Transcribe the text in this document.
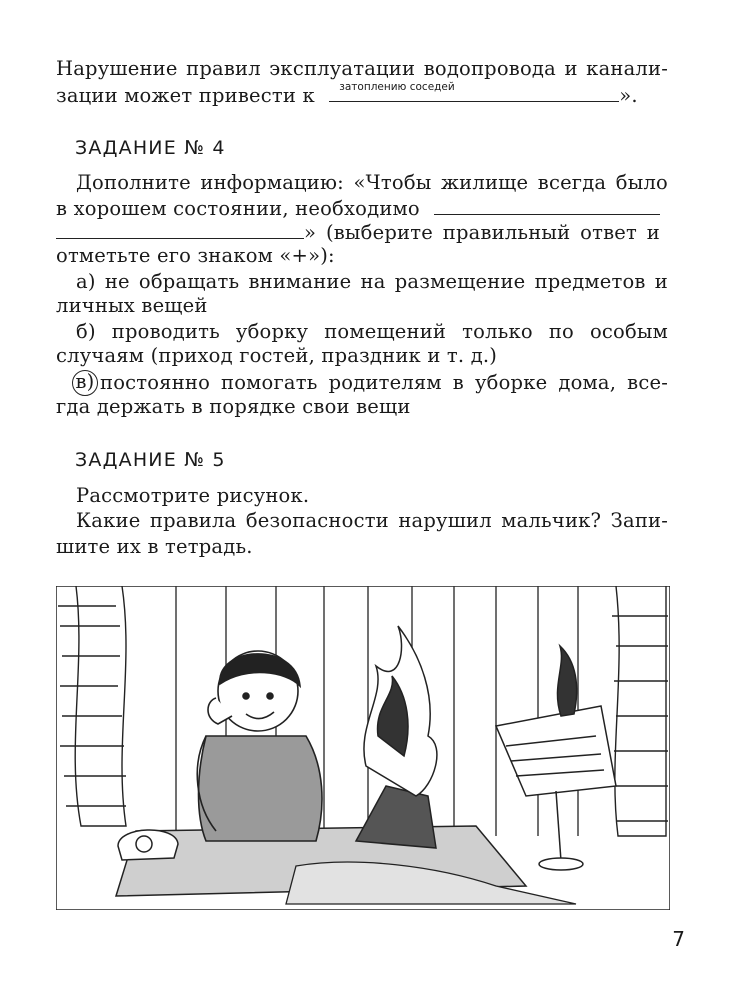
Нарушение правил эксплуатации водопровода и канали-
зации может привести к затоплению соседей	».
ЗАДАНИЕ № 4
Дополните информацию: «Чтобы жилище всегда было
в хорошем состоянии, необходимо
» (выберите правильный ответ и
отметьте его знаком «+»):
а) не обращать внимание на размещение предметов и
личных вещей
б) проводить уборку помещений только по особым
случаям (приход гостей, праздник и т. д.)
в) постоянно помогать родителям в уборке дома, все-
гда держать в порядке свои вещи
ЗАДАНИЕ № 5
Рассмотрите рисунок.
Какие правила безопасности нарушил мальчик? Запи-
шите их в тетрадь.
7
